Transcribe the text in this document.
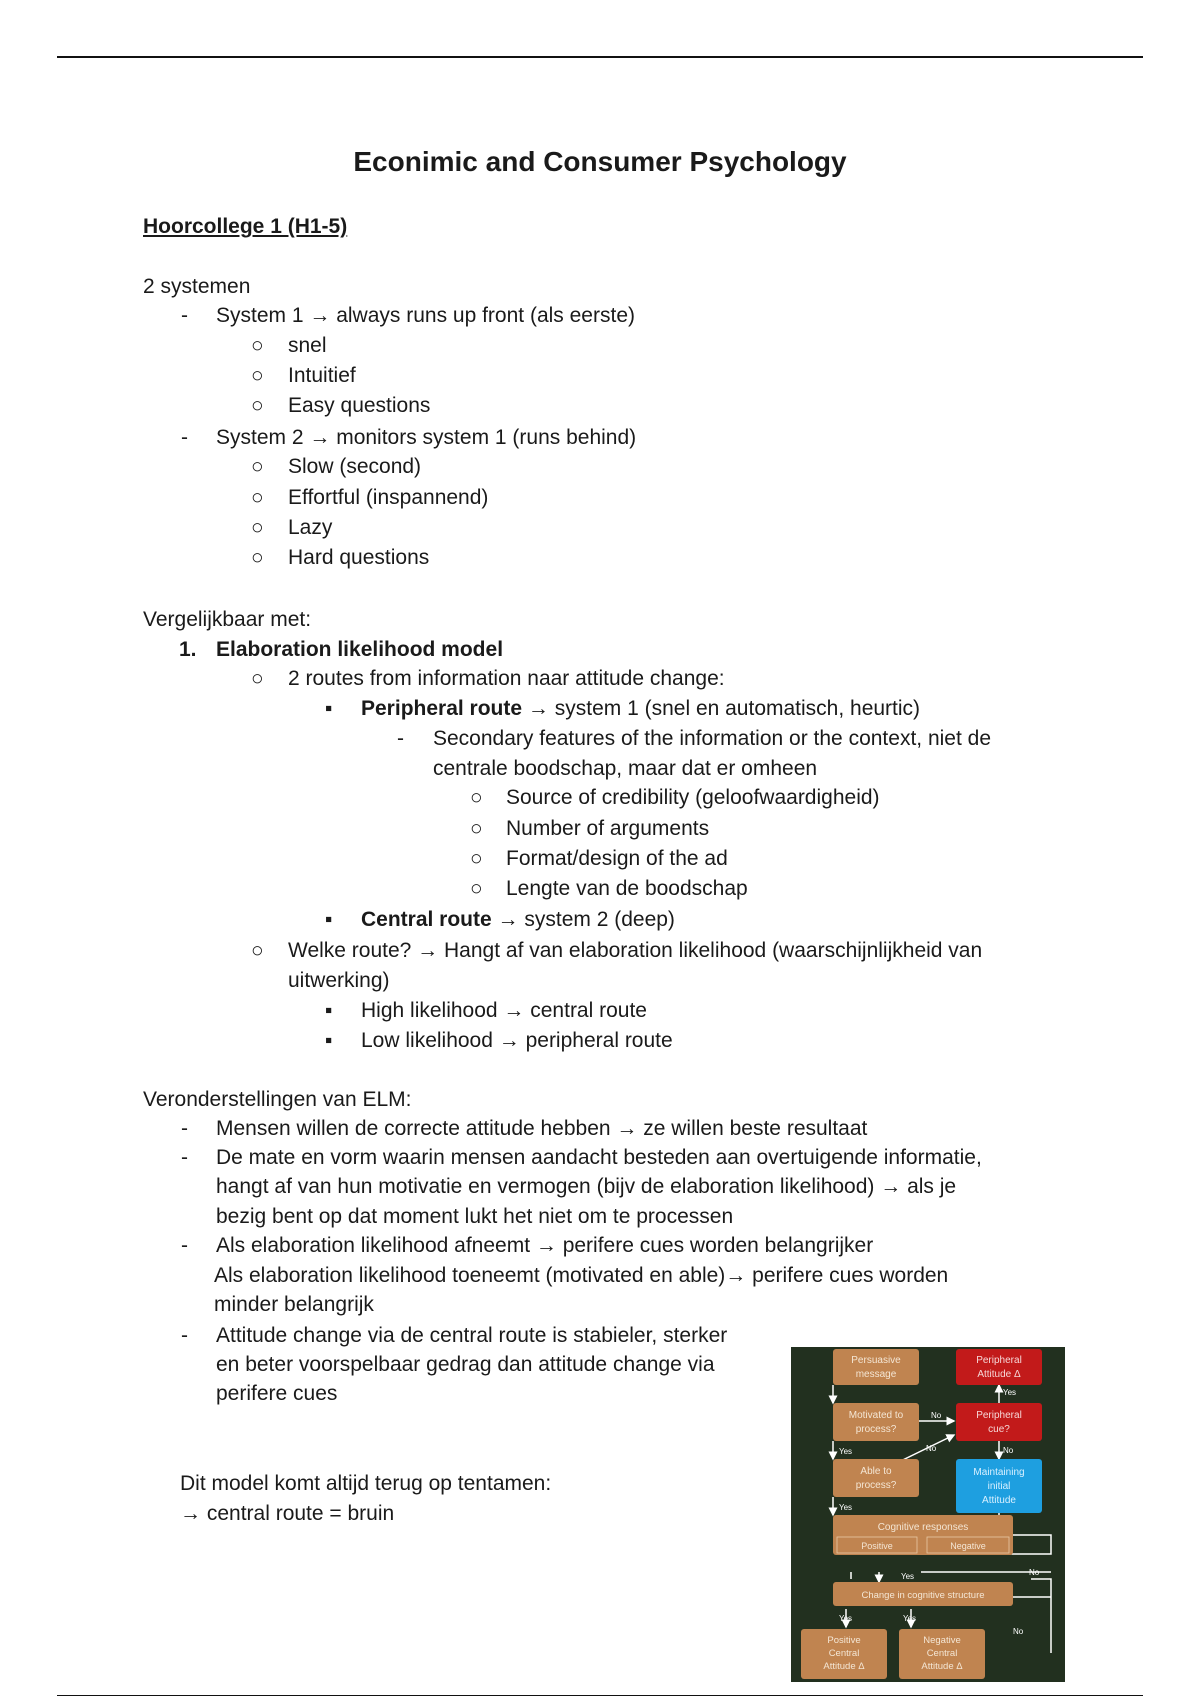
Econimic and Consumer Psychology
Hoorcollege 1 (H1-5)
2 systemen
- System 1 → always runs up front (als eerste)
○ snel
○ Intuitief
○ Easy questions
- System 2 → monitors system 1 (runs behind)
○ Slow (second)
○ Effortful (inspannend)
○ Lazy
○ Hard questions
Vergelijkbaar met:
1. Elaboration likelihood model
○ 2 routes from information naar attitude change:
▪ Peripheral route → system 1 (snel en automatisch, heurtic)
- Secondary features of the information or the context, niet de
centrale boodschap, maar dat er omheen
○ Source of credibility (geloofwaardigheid)
○ Number of arguments
○ Format/design of the ad
○ Lengte van de boodschap
▪ Central route → system 2 (deep)
○ Welke route? → Hangt af van elaboration likelihood (waarschijnlijkheid van
uitwerking)
▪ High likelihood → central route
▪ Low likelihood → peripheral route
Veronderstellingen van ELM:
- Mensen willen de correcte attitude hebben → ze willen beste resultaat
- De mate en vorm waarin mensen aandacht besteden aan overtuigende informatie,
hangt af van hun motivatie en vermogen (bijv de elaboration likelihood) → als je
bezig bent op dat moment lukt het niet om te processen
- Als elaboration likelihood afneemt → perifere cues worden belangrijker
Als elaboration likelihood toeneemt (motivated en able)→ perifere cues worden
minder belangrijk
- Attitude change via de central route is stabieler, sterker
en beter voorspelbaar gedrag dan attitude change via
perifere cues
Dit model komt altijd terug op tentamen:
→ central route = bruin
Persuasive
message
Motivated to
process?
Able to
process?
Cognitive responses
Positive	Negative
Change in cognitive structure
Positive
Central
Attitude Δ
Negative
Central
Attitude Δ
Peripheral
Attitude Δ
Peripheral
cue?
Maintaining
initial
Attitude
Yes
Yes
Yes
No
No	No
Yes	No
Yes	Yes
No
